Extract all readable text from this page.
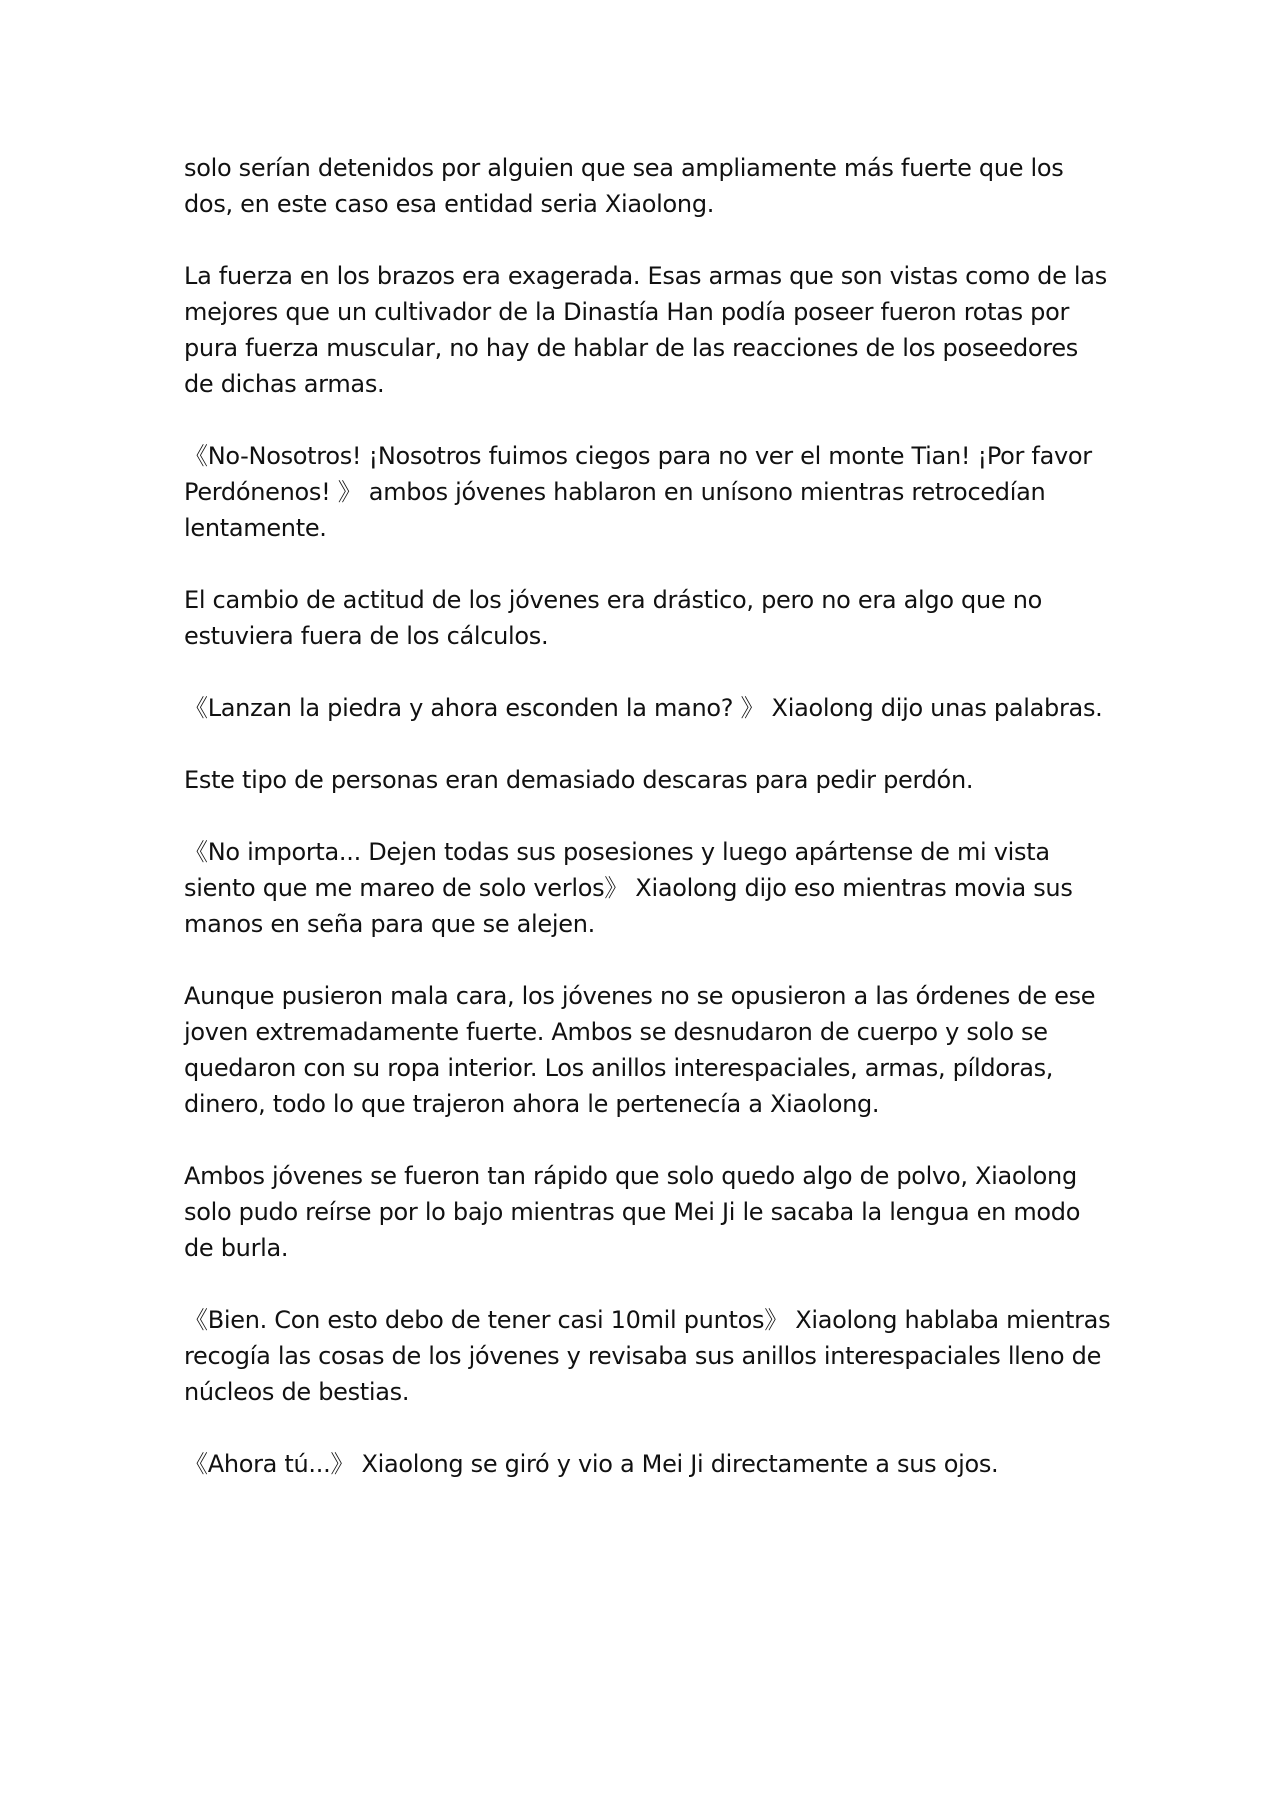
solo serían detenidos por alguien que sea ampliamente más fuerte que los dos, en este caso esa entidad seria Xiaolong.

La fuerza en los brazos era exagerada. Esas armas que son vistas como de las mejores que un cultivador de la Dinastía Han podía poseer fueron rotas por pura fuerza muscular, no hay de hablar de las reacciones de los poseedores de dichas armas.

《No-Nosotros! ¡Nosotros fuimos ciegos para no ver el monte Tian! ¡Por favor Perdónenos! 》 ambos jóvenes hablaron en unísono mientras retrocedían lentamente.

El cambio de actitud de los jóvenes era drástico, pero no era algo que no estuviera fuera de los cálculos.

《Lanzan la piedra y ahora esconden la mano? 》 Xiaolong dijo unas palabras.

Este tipo de personas eran demasiado descaras para pedir perdón.

《No importa... Dejen todas sus posesiones y luego apártense de mi vista siento que me mareo de solo verlos》 Xiaolong dijo eso mientras movia sus manos en seña para que se alejen.

Aunque pusieron mala cara, los jóvenes no se opusieron a las órdenes de ese joven extremadamente fuerte. Ambos se desnudaron de cuerpo y solo se quedaron con su ropa interior. Los anillos interespaciales, armas, píldoras, dinero, todo lo que trajeron ahora le pertenecía a Xiaolong.

Ambos jóvenes se fueron tan rápido que solo quedo algo de polvo, Xiaolong solo pudo reírse por lo bajo mientras que Mei Ji le sacaba la lengua en modo de burla.

《Bien. Con esto debo de tener casi 10mil puntos》 Xiaolong hablaba mientras recogía las cosas de los jóvenes y revisaba sus anillos interespaciales lleno de núcleos de bestias.

《Ahora tú...》 Xiaolong se giró y vio a Mei Ji directamente a sus ojos.
